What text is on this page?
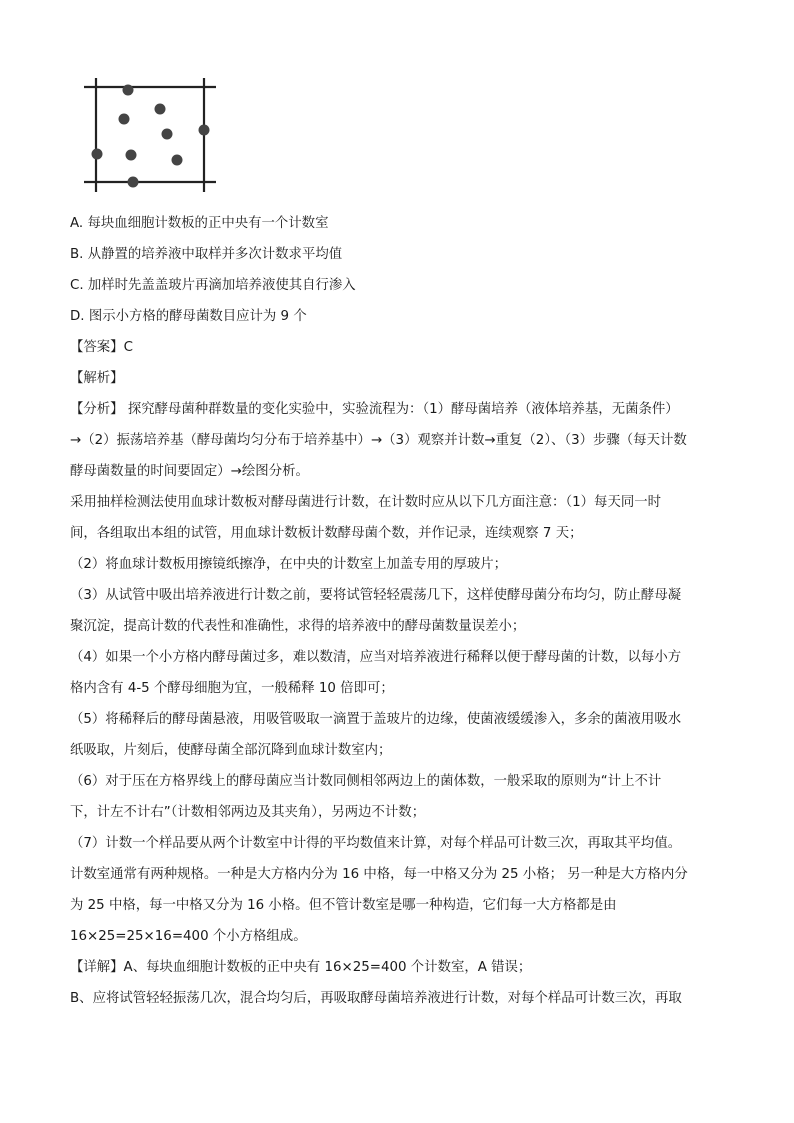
A. 每块血细胞计数板的正中央有一个计数室
B. 从静置的培养液中取样并多次计数求平均值
C. 加样时先盖盖玻片再滴加培养液使其自行渗入
D. 图示小方格的酵母菌数目应计为 9 个
【答案】C
【解析】
【分析】 探究酵母菌种群数量的变化实验中，实验流程为：（1）酵母菌培养（液体培养基，无菌条件）
→（2）振荡培养基（酵母菌均匀分布于培养基中）→（3）观察并计数→重复（2）、（3）步骤（每天计数
酵母菌数量的时间要固定）→绘图分析。
采用抽样检测法使用血球计数板对酵母菌进行计数，在计数时应从以下几方面注意：（1）每天同一时
间，各组取出本组的试管，用血球计数板计数酵母菌个数，并作记录，连续观察 7 天；
（2）将血球计数板用擦镜纸擦净，在中央的计数室上加盖专用的厚玻片；
（3）从试管中吸出培养液进行计数之前，要将试管轻轻震荡几下，这样使酵母菌分布均匀，防止酵母凝
聚沉淀，提高计数的代表性和准确性，求得的培养液中的酵母菌数量误差小；
（4）如果一个小方格内酵母菌过多，难以数清，应当对培养液进行稀释以便于酵母菌的计数，以每小方
格内含有 4-5 个酵母细胞为宜，一般稀释 10 倍即可；
（5）将稀释后的酵母菌悬液，用吸管吸取一滴置于盖玻片的边缘，使菌液缓缓渗入，多余的菌液用吸水
纸吸取，片刻后，使酵母菌全部沉降到血球计数室内；
（6）对于压在方格界线上的酵母菌应当计数同侧相邻两边上的菌体数，一般采取的原则为“计上不计
下，计左不计右”（计数相邻两边及其夹角），另两边不计数；
（7）计数一个样品要从两个计数室中计得的平均数值来计算，对每个样品可计数三次，再取其平均值。
计数室通常有两种规格。一种是大方格内分为 16 中格，每一中格又分为 25 小格； 另一种是大方格内分
为 25 中格，每一中格又分为 16 小格。但不管计数室是哪一种构造，它们每一大方格都是由
16×25=25×16=400 个小方格组成。
【详解】A、每块血细胞计数板的正中央有 16×25=400 个计数室，A 错误；
B、应将试管轻轻振荡几次，混合均匀后，再吸取酵母菌培养液进行计数，对每个样品可计数三次，再取
